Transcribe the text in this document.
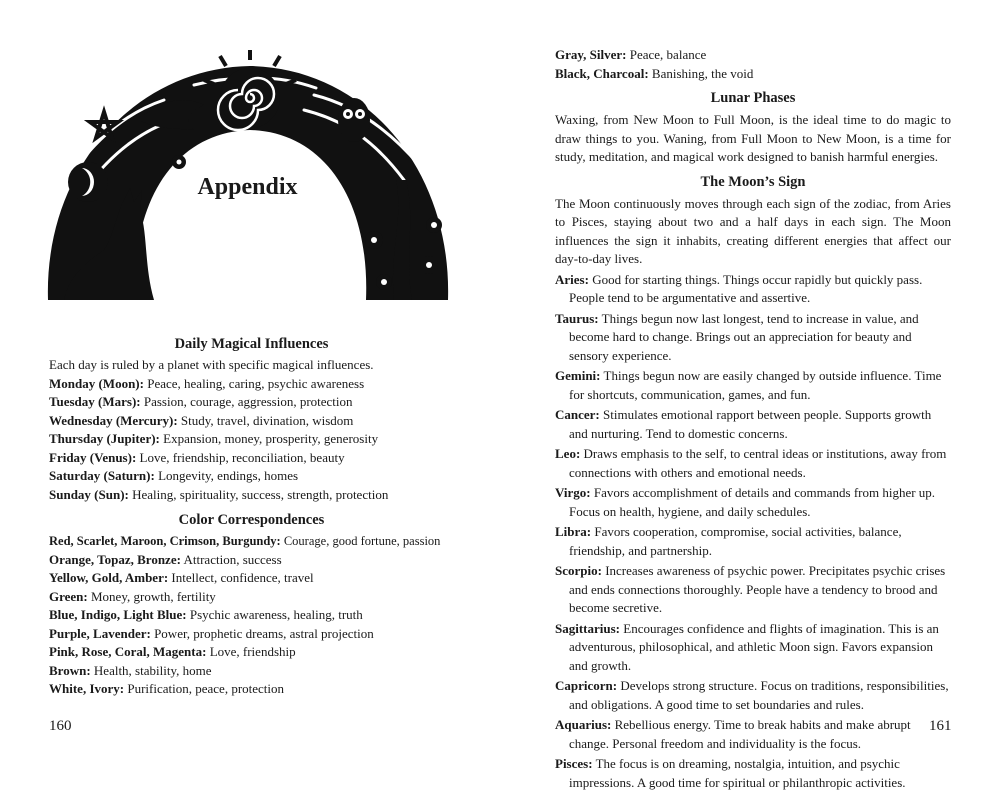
Appendix
Daily Magical Influences

Each day is ruled by a planet with specific magical influences.

Monday (Moon): Peace, healing, caring, psychic awareness

Tuesday (Mars): Passion, courage, aggression, protection

Wednesday (Mercury): Study, travel, divination, wisdom

Thursday (Jupiter): Expansion, money, prosperity, generosity

Friday (Venus): Love, friendship, reconciliation, beauty

Saturday (Saturn): Longevity, endings, homes

Sunday (Sun): Healing, spirituality, success, strength, protection

Color Correspondences

Red, Scarlet, Maroon, Crimson, Burgundy: Courage, good fortune, passion

Orange, Topaz, Bronze: Attraction, success

Yellow, Gold, Amber: Intellect, confidence, travel

Green: Money, growth, fertility

Blue, Indigo, Light Blue: Psychic awareness, healing, truth

Purple, Lavender: Power, prophetic dreams, astral projection

Pink, Rose, Coral, Magenta: Love, friendship

Brown: Health, stability, home

White, Ivory: Purification, peace, protection

160

Gray, Silver: Peace, balance

Black, Charcoal: Banishing, the void

Lunar Phases

Waxing, from New Moon to Full Moon, is the ideal time to do magic to draw things to you. Waning, from Full Moon to New Moon, is a time for study, meditation, and magical work designed to banish harmful energies.

The Moon’s Sign

The Moon continuously moves through each sign of the zodiac, from Aries to Pisces, staying about two and a half days in each sign. The Moon influences the sign it inhabits, creating different energies that affect our day-to-day lives.

Aries: Good for starting things. Things occur rapidly but quickly pass. People tend to be argumentative and assertive.

Taurus: Things begun now last longest, tend to increase in value, and become hard to change. Brings out an appreciation for beauty and sensory experience.

Gemini: Things begun now are easily changed by outside influence. Time for shortcuts, communication, games, and fun.

Cancer: Stimulates emotional rapport between people. Supports growth and nurturing. Tend to domestic concerns.

Leo: Draws emphasis to the self, to central ideas or institutions, away from connections with others and emotional needs.

Virgo: Favors accomplishment of details and commands from higher up. Focus on health, hygiene, and daily schedules.

Libra: Favors cooperation, compromise, social activities, balance, friendship, and partnership.

Scorpio: Increases awareness of psychic power. Precipitates psychic crises and ends connections thoroughly. People have a tendency to brood and become secretive.

Sagittarius: Encourages confidence and flights of imagination. This is an adventurous, philosophical, and athletic Moon sign. Favors expansion and growth.

Capricorn: Develops strong structure. Focus on traditions, responsibilities, and obligations. A good time to set boundaries and rules.

Aquarius: Rebellious energy. Time to break habits and make abrupt change. Personal freedom and individuality is the focus.

Pisces: The focus is on dreaming, nostalgia, intuition, and psychic impressions. A good time for spiritual or philanthropic activities.

161
